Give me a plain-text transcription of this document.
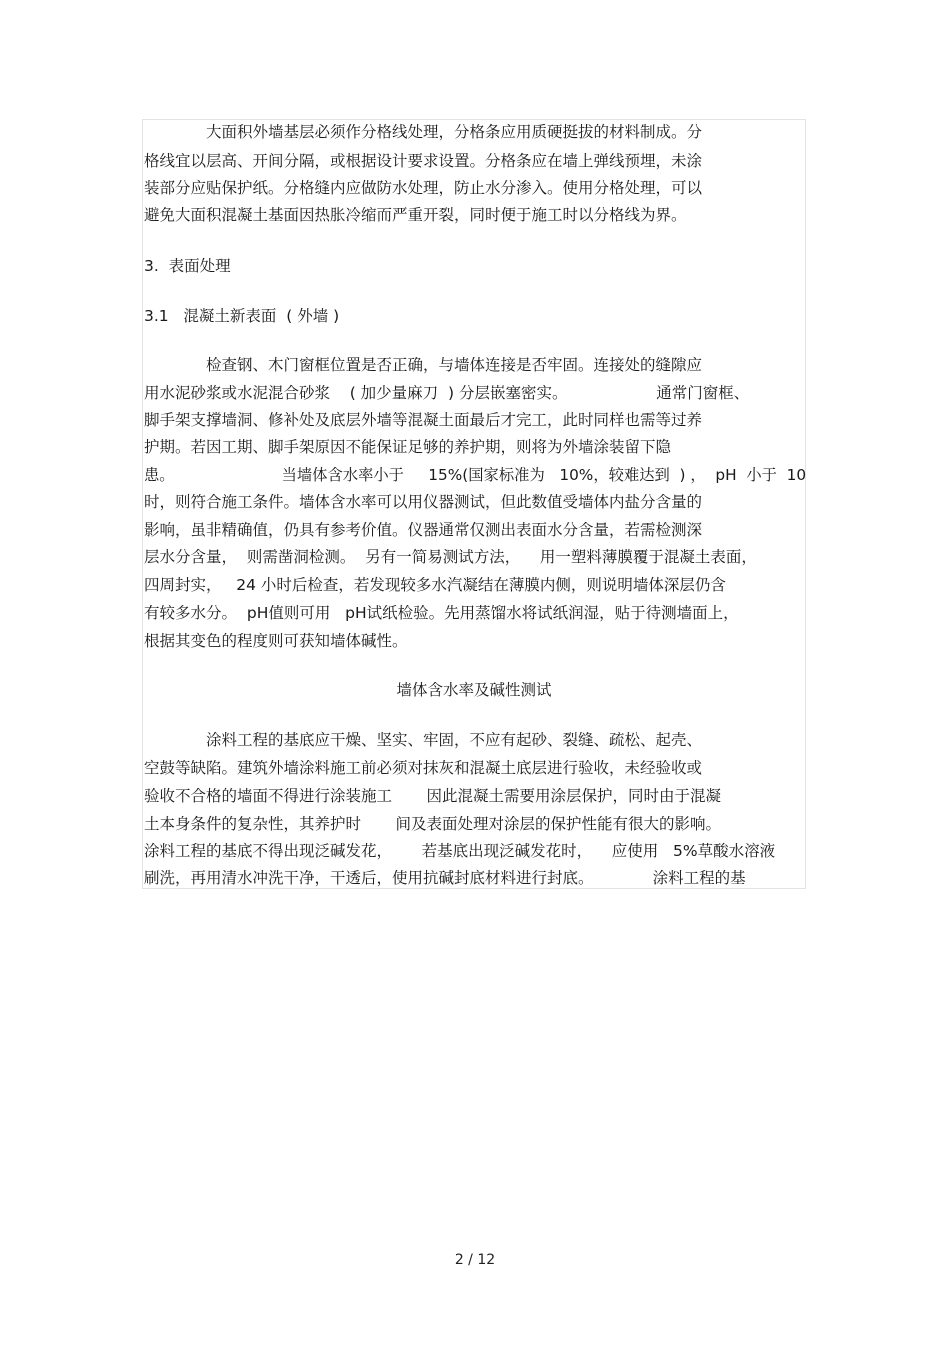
　　　　大面积外墙基层必须作分格线处理，分格条应用质硬挺拔的材料制成。分
格线宜以层高、开间分隔，或根据设计要求设置。分格条应在墙上弹线预埋，未涂
装部分应贴保护纸。分格缝内应做防水处理，防止水分渗入。使用分格处理，可以
避免大面积混凝土基面因热胀冷缩而严重开裂，同时便于施工时以分格线为界。
3.  表面处理
3.1   混凝土新表面  ( 外墙 )
　　　　检查钢、木门窗框位置是否正确，与墙体连接是否牢固。连接处的缝隙应
用水泥砂浆或水泥混合砂浆    ( 加少量麻刀  ) 分层嵌塞密实。                  通常门窗框、
脚手架支撑墙洞、修补处及底层外墙等混凝土面最后才完工，此时同样也需等过养
护期。若因工期、脚手架原因不能保证足够的养护期，则将为外墙涂装留下隐
患。                      当墙体含水率小于     15%(国家标准为   10%，较难达到  ) ，  pH  小于  10
时，则符合施工条件。墙体含水率可以用仪器测试，但此数值受墙体内盐分含量的
影响，虽非精确值，仍具有参考价值。仪器通常仅测出表面水分含量，若需检测深
层水分含量，  则需凿洞检测。  另有一简易测试方法，    用一塑料薄膜覆于混凝土表面，
四周封实，   24 小时后检查，若发现较多水汽凝结在薄膜内侧，则说明墙体深层仍含
有较多水分。  pH值则可用   pH试纸检验。先用蒸馏水将试纸润湿，贴于待测墙面上，
根据其变色的程度则可获知墙体碱性。
墙体含水率及碱性测试
　　　　涂料工程的基底应干燥、坚实、牢固，不应有起砂、裂缝、疏松、起壳、
空鼓等缺陷。建筑外墙涂料施工前必须对抹灰和混凝土底层进行验收，未经验收或
验收不合格的墙面不得进行涂装施工       因此混凝土需要用涂层保护，同时由于混凝
土本身条件的复杂性，其养护时       间及表面处理对涂层的保护性能有很大的影响。
涂料工程的基底不得出现泛碱发花，      若基底出现泛碱发花时，    应使用   5%草酸水溶液
刷洗，再用清水冲洗干净，干透后，使用抗碱封底材料进行封底。            涂料工程的基
2 / 12
